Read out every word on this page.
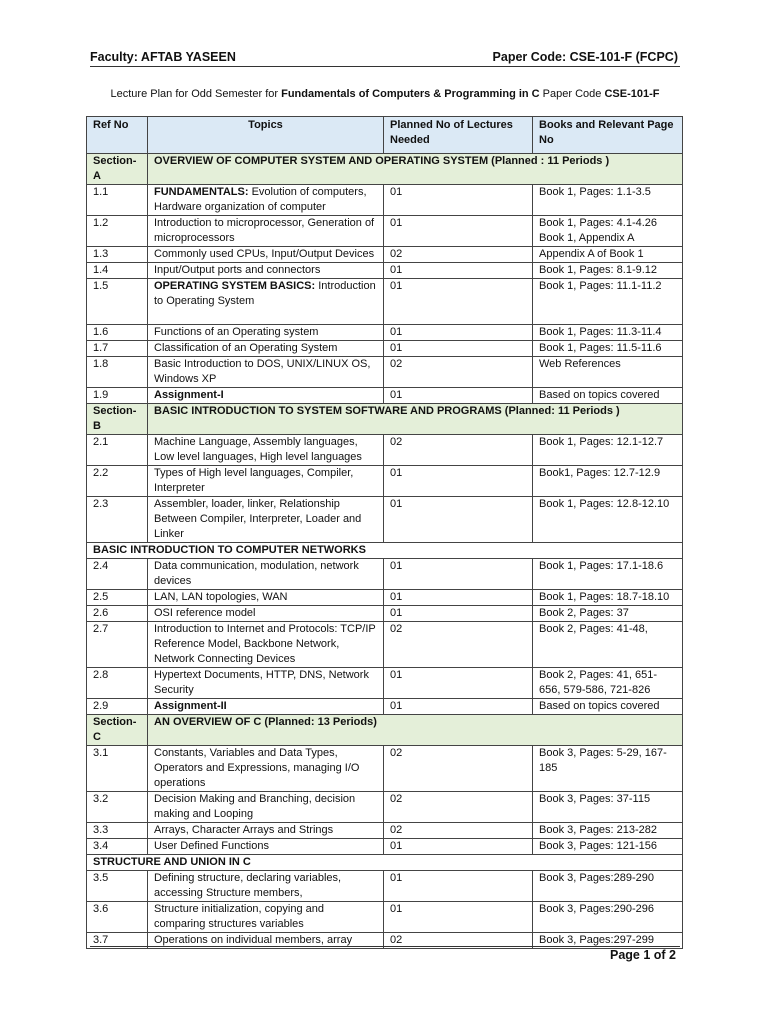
Faculty: AFTAB YASEEN	Paper Code: CSE-101-F (FCPC)
Lecture Plan for Odd Semester for Fundamentals of Computers & Programming in C Paper Code CSE-101-F
Ref No	Topics	Planned No of Lectures Needed	Books and Relevant Page No
Section-A	OVERVIEW OF COMPUTER SYSTEM AND OPERATING SYSTEM (Planned : 11 Periods )		
1.1	FUNDAMENTALS: Evolution of computers, Hardware organization of computer	01	Book 1, Pages: 1.1-3.5
1.2	Introduction to microprocessor, Generation of microprocessors	01	Book 1, Pages: 4.1-4.26 Book 1, Appendix A
1.3	Commonly used CPUs, Input/Output Devices	02	Appendix A of Book 1
1.4	Input/Output ports and connectors	01	Book 1, Pages: 8.1-9.12
1.5	OPERATING SYSTEM BASICS: Introduction to Operating System	01	Book 1, Pages: 11.1-11.2
1.6	Functions of an Operating system	01	Book 1, Pages: 11.3-11.4
1.7	Classification of an Operating System	01	Book 1, Pages: 11.5-11.6
1.8	Basic Introduction to DOS, UNIX/LINUX OS, Windows XP	02	Web References
1.9	Assignment-I	01	Based on topics covered
Section-B	BASIC INTRODUCTION TO SYSTEM SOFTWARE AND PROGRAMS (Planned: 11 Periods )		
2.1	Machine Language, Assembly languages, Low level languages, High level languages	02	Book 1, Pages: 12.1-12.7
2.2	Types of High level languages, Compiler, Interpreter	01	Book1, Pages: 12.7-12.9
2.3	Assembler, loader, linker, Relationship Between Compiler, Interpreter, Loader and Linker	01	Book 1, Pages: 12.8-12.10
BASIC INTRODUCTION TO COMPUTER NETWORKS			
2.4	Data communication, modulation, network devices	01	Book 1, Pages: 17.1-18.6
2.5	LAN, LAN topologies, WAN	01	Book 1, Pages: 18.7-18.10
2.6	OSI reference model	01	Book 2, Pages: 37
2.7	Introduction to Internet and Protocols: TCP/IP Reference Model, Backbone Network, Network Connecting Devices	02	Book 2, Pages: 41-48,
2.8	Hypertext Documents, HTTP, DNS, Network Security	01	Book 2, Pages: 41, 651-656, 579-586, 721-826
2.9	Assignment-II	01	Based on topics covered
Section-C	AN OVERVIEW OF C (Planned: 13 Periods)		
3.1	Constants, Variables and Data Types, Operators and Expressions, managing I/O operations	02	Book 3, Pages: 5-29, 167-185
3.2	Decision Making and Branching, decision making and Looping	02	Book 3, Pages: 37-115
3.3	Arrays, Character Arrays and Strings	02	Book 3, Pages: 213-282
3.4	User Defined Functions	01	Book 3, Pages: 121-156
STRUCTURE AND UNION IN C			
3.5	Defining structure, declaring variables, accessing Structure members,	01	Book 3, Pages:289-290
3.6	Structure initialization, copying and comparing structures variables	01	Book 3, Pages:290-296
3.7	Operations on individual members, array	02	Book 3, Pages:297-299
Page 1 of 2
